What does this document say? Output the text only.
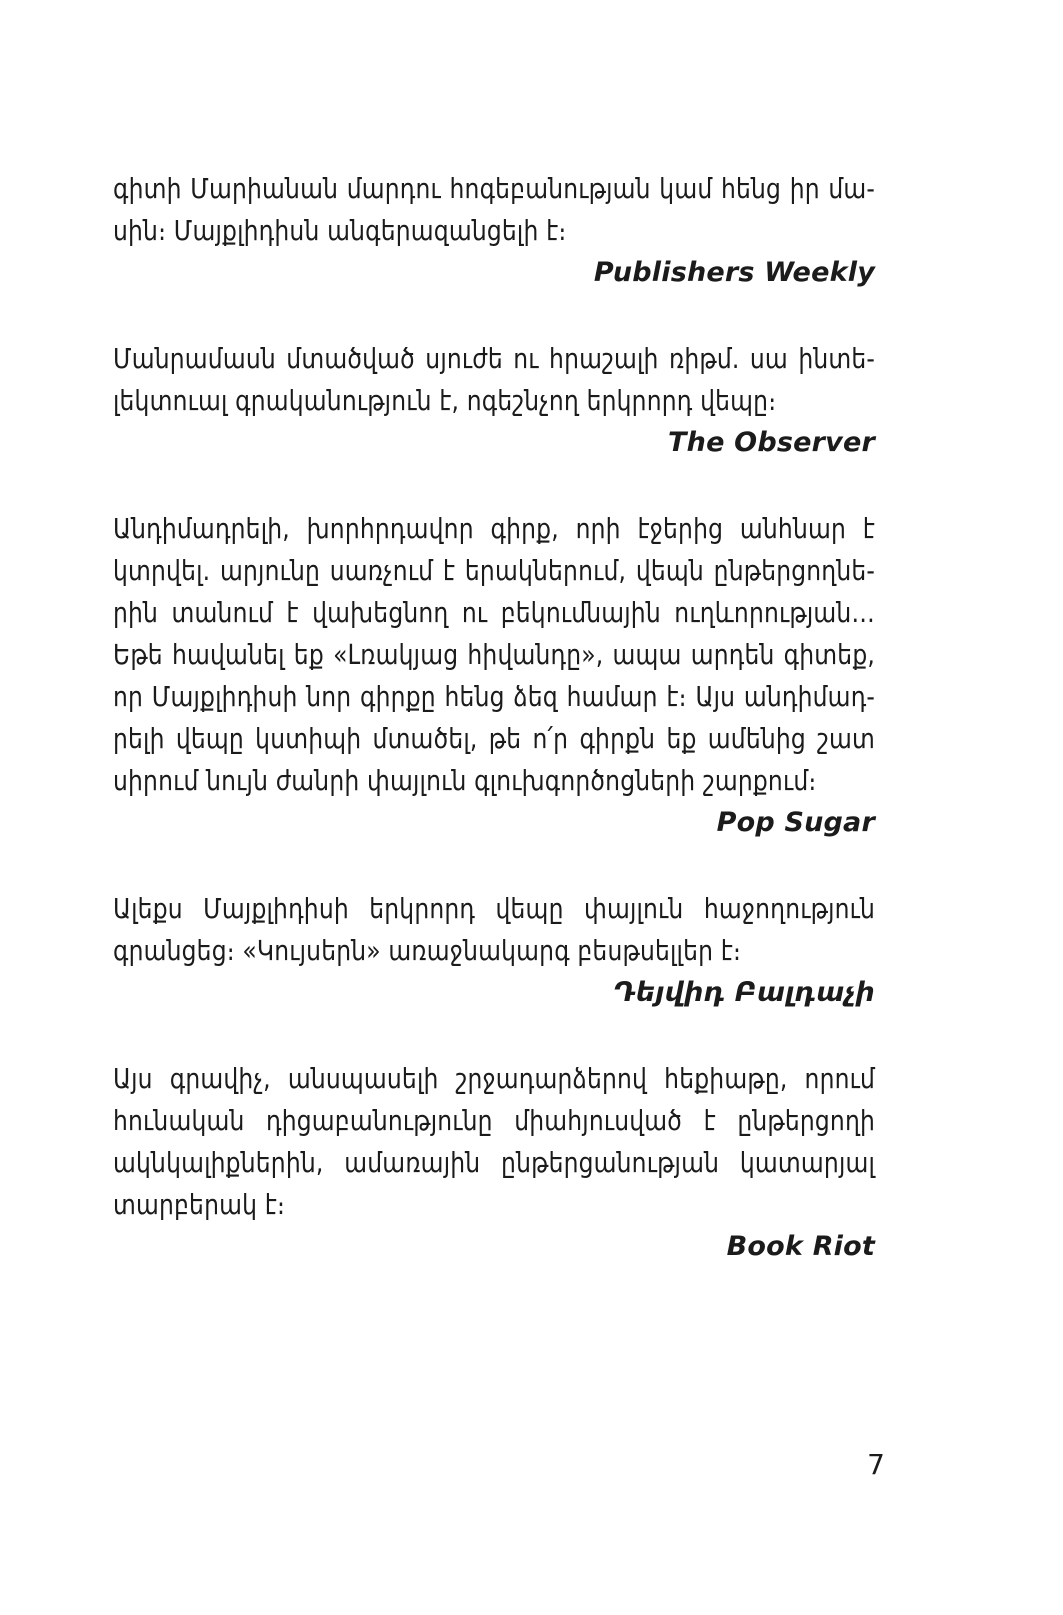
գիտի Մարիանան մարդու հոգեբանության կամ հենց իր մա-

սին։ Մայքլիդիսն անգերազանցելի է։

Publishers Weekly

Մանրամասն մտածված սյուժե ու հրաշալի ռիթմ. սա ինտե-

լեկտուալ գրականություն է, ոգեշնչող երկրորդ վեպը։

The Observer

Անդիմադրելի, խորհրդավոր գիրք, որի էջերից անհնար է

կտրվել. արյունը սառչում է երակներում, վեպն ընթերցողնե-

րին տանում է վախեցնող ու բեկումնային ուղևորության…

Եթե հավանել եք «Լռակյաց հիվանդը», ապա արդեն գիտեք,

որ Մայքլիդիսի նոր գիրքը հենց ձեզ համար է։ Այս անդիմադ-

րելի վեպը կստիպի մտածել, թե ո՛ր գիրքն եք ամենից շատ

սիրում նույն ժանրի փայլուն գլուխգործոցների շարքում։

Pop Sugar

Ալեքս Մայքլիդիսի երկրորդ վեպը փայլուն հաջողություն

գրանցեց։ «Կույսերն» առաջնակարգ բեսթսելլեր է։

Դեյվիդ Բալդաչի

Այս գրավիչ, անսպասելի շրջադարձերով հեքիաթը, որում

հունական դիցաբանությունը միահյուսված է ընթերցողի

ակնկալիքներին, ամառային ընթերցանության կատարյալ

տարբերակ է։

Book Riot

7
